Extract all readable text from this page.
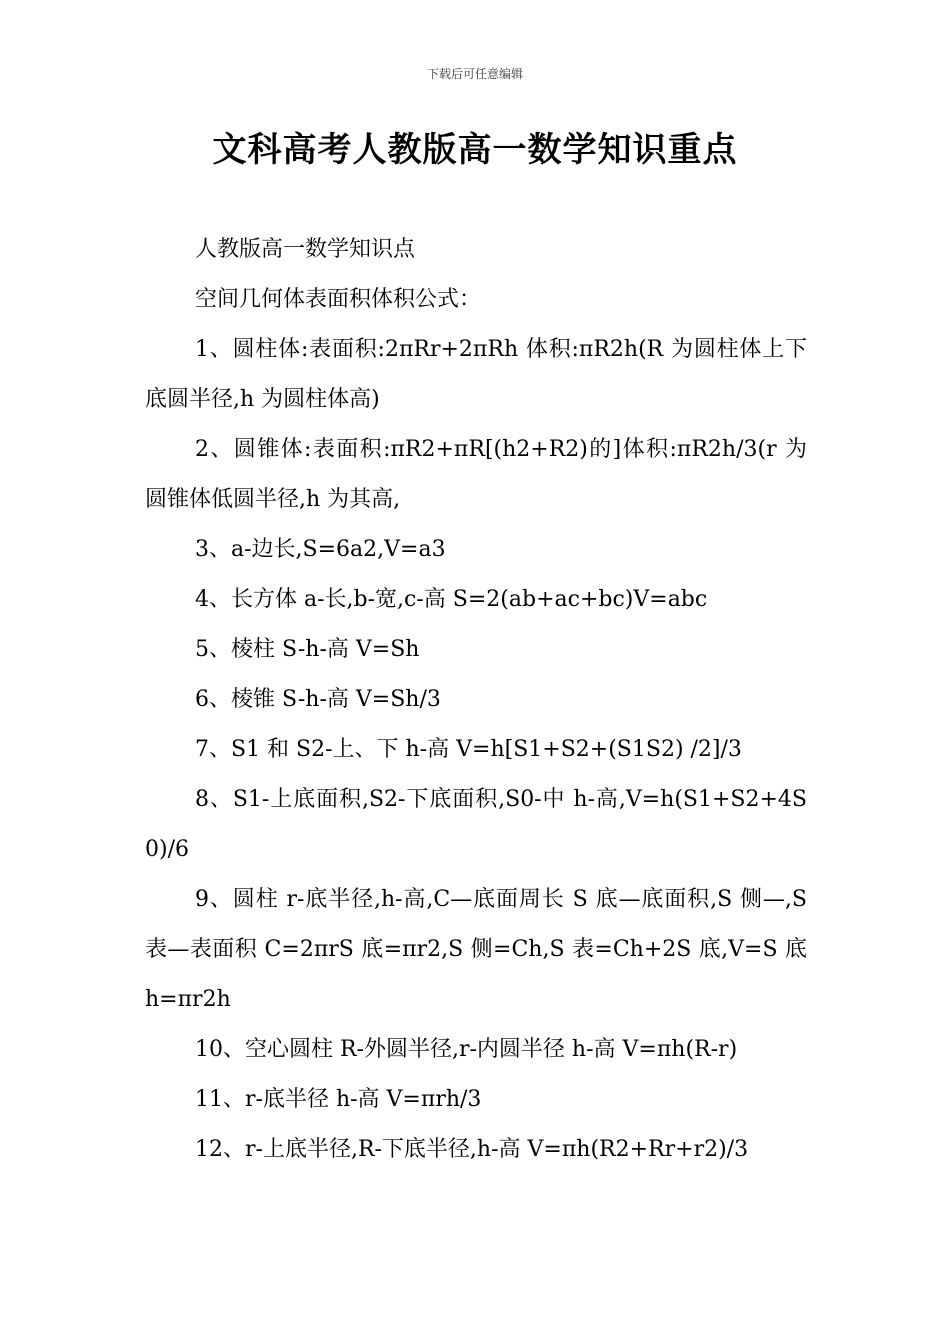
下载后可任意编辑
文科高考人教版高一数学知识重点

人教版高一数学知识点

空间几何体表面积体积公式：

1、圆柱体:表面积:2πRr+2πRh 体积:πR2h(R 为圆柱体上下底圆半径,h 为圆柱体高)

2、圆锥体:表面积:πR2+πR[(h2+R2)的]体积:πR2h/3(r 为圆锥体低圆半径,h 为其高,

3、a-边长,S=6a2,V=a3

4、长方体 a-长,b-宽,c-高 S=2(ab+ac+bc)V=abc

5、棱柱 S-h-高 V=Sh

6、棱锥 S-h-高 V=Sh/3

7、S1 和 S2-上、下 h-高 V=h[S1+S2+(S1S2) /2]/3

8、S1-上底面积,S2-下底面积,S0-中 h-高,V=h(S1+S2+4S0)/6

9、圆柱 r-底半径,h-高,C—底面周长 S 底—底面积,S 侧—,S 表—表面积 C=2πrS 底=πr2,S 侧=Ch,S 表=Ch+2S 底,V=S 底 h=πr2h

10、空心圆柱 R-外圆半径,r-内圆半径 h-高 V=πh(R-r)

11、r-底半径 h-高 V=πrh/3

12、r-上底半径,R-下底半径,h-高 V=πh(R2+Rr+r2)/3
